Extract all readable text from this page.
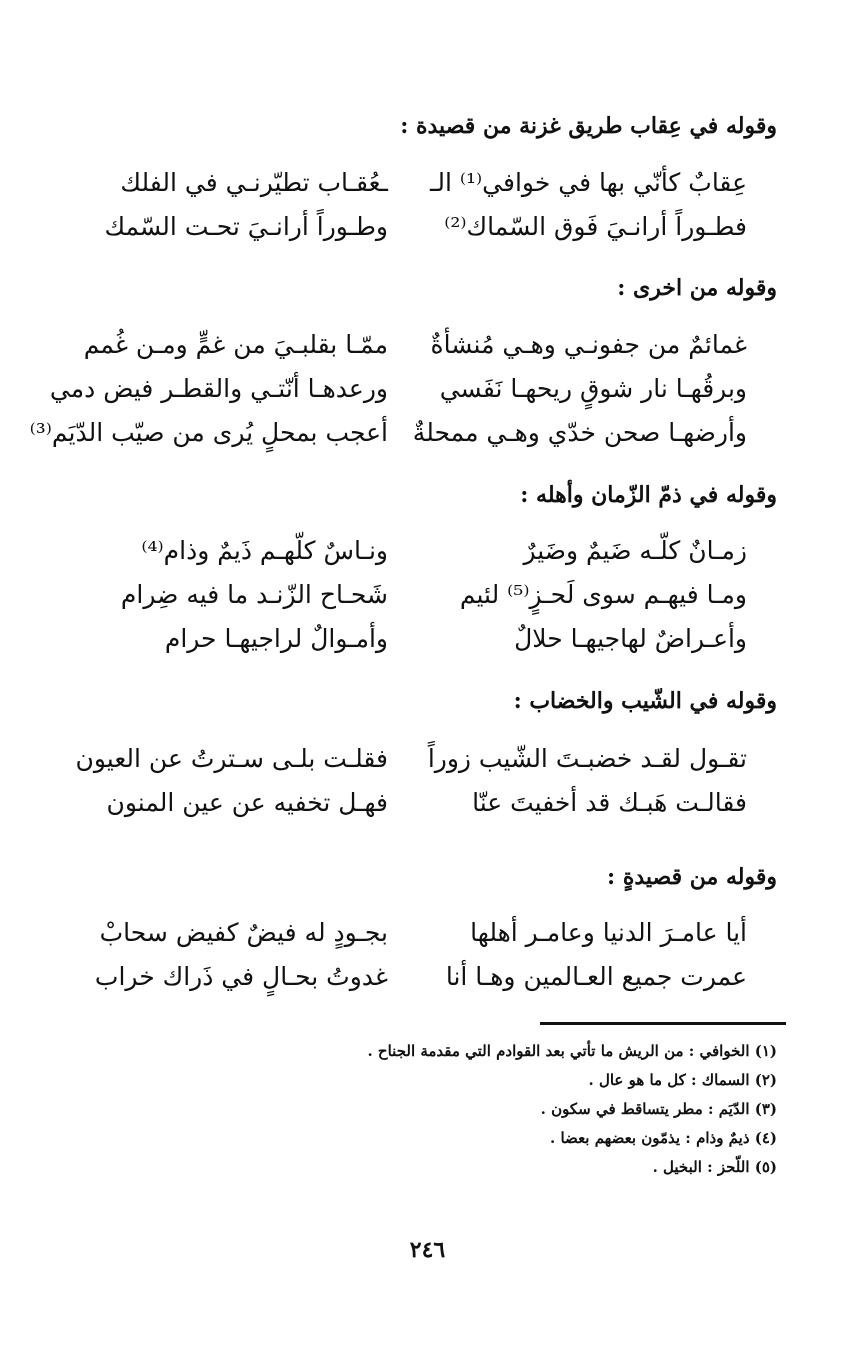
وقوله في عِقاب طريق غزنة من قصيدة :
عِقابٌ كأنّي بها في خوافي⁽¹⁾ الـ
ـعُقـاب تطيّرنـي في الفلك
فطـوراً أرانـيَ فَوق السّماك⁽²⁾
وطـوراً أرانـيَ تحـت السّمك
وقوله من اخرى :
غمائمٌ من جفونـي وهـي مُنشأةٌ
ممّـا بقلبـيَ من غمٍّ ومـن غُمم
وبرقُهـا نار شوقٍ ريحهـا نَفَسي
ورعدهـا أنّتـي والقطـر فيض دمي
وأرضهـا صحن خدّي وهـي ممحلةٌ
أعجب بمحلٍ يُرى من صيّب الدّيَم⁽³⁾
وقوله في ذمّ الزّمان وأهله :
زمـانٌ كلّـه ضَيمٌ وضَيرٌ
ونـاسٌ كلّهـم ذَيمٌ وذام⁽⁴⁾
ومـا فيهـم سوى لَحـزٍ⁽⁵⁾ لئيم
شَحـاح الزّنـد ما فيه ضِرام
وأعـراضٌ لهاجيهـا حلالٌ
وأمـوالٌ لراجيهـا حرام
وقوله في الشّيب والخضاب :
تقـول لقـد خضبـتَ الشّيب زوراً
فقلـت بلـى سـترتُ عن العيون
فقالـت هَبـك قد أخفيتَ عنّا
فهـل تخفيه عن عين المنون
وقوله من قصيدةٍ :
أيا عامـرَ الدنيا وعامـر أهلها
بجـودٍ له فيضٌ كفيض سحابْ
عمرت جميع العـالمين وهـا أنا
غدوتُ بحـالٍ في ذَراك خراب
(١) الخوافي : من الريش ما تأتي بعد القوادم التي مقدمة الجناح .
(٢) السماك : كل ما هو عال .
(٣) الدّيَم : مطر يتساقط في سكون .
(٤) ذيمٌ وذام : يذمّون بعضهم بعضا .
(٥) اللّحز : البخيل .
٢٤٦
